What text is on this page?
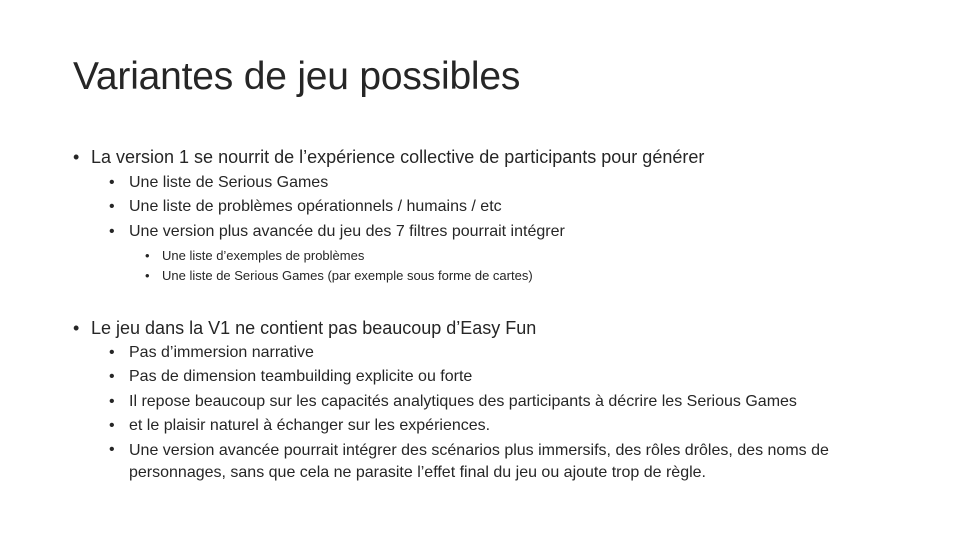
Variantes de jeu possibles
• La version 1 se nourrit de l’expérience collective de participants pour générer
• Une liste de Serious Games
• Une liste de problèmes opérationnels / humains / etc
• Une version plus avancée du jeu des 7 filtres pourrait intégrer
• Une liste d’exemples de problèmes
• Une liste de Serious Games (par exemple sous forme de cartes)
• Le jeu dans la V1 ne contient pas beaucoup d’Easy Fun
• Pas d’immersion narrative
• Pas de dimension teambuilding explicite ou forte
• Il repose beaucoup sur les capacités analytiques des participants à décrire les Serious Games
• et le plaisir naturel à échanger sur les expériences.
• Une version avancée pourrait intégrer des scénarios plus immersifs, des rôles drôles, des noms de personnages, sans que cela ne parasite l’effet final du jeu ou ajoute trop de règle.
